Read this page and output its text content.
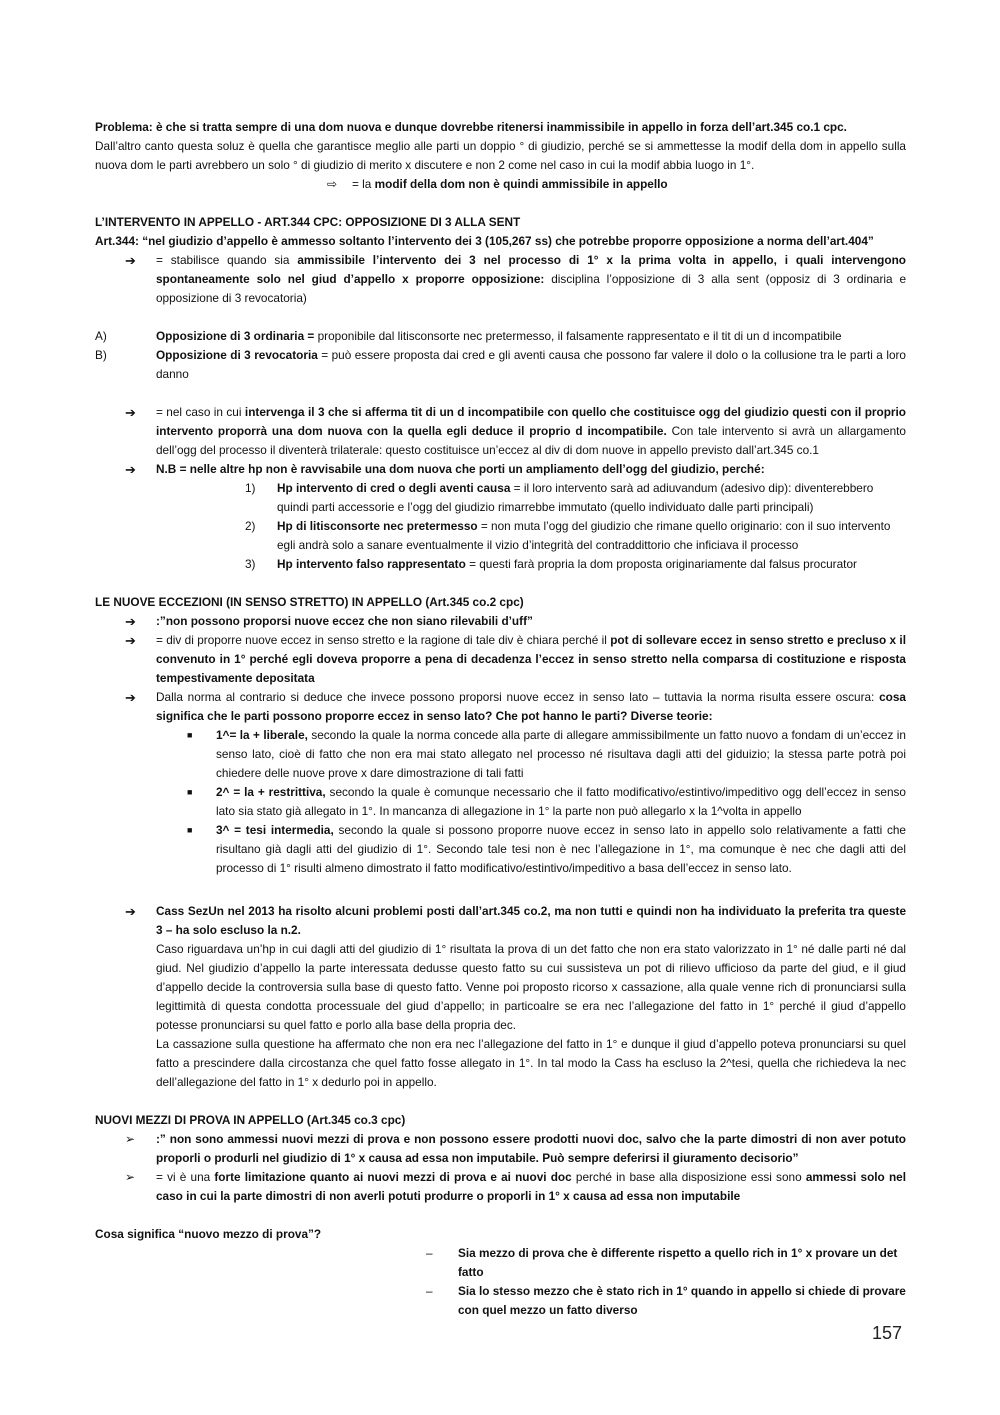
Problema: è che si tratta sempre di una dom nuova e dunque dovrebbe ritenersi inammissibile in appello in forza dell’art.345 co.1 cpc.

Dall’altro canto questa soluz è quella che garantisce meglio alle parti un doppio ° di giudizio, perché se si ammettesse la modif della dom in appello sulla nuova dom le parti avrebbero un solo ° di giudizio di merito x discutere e non 2 come nel caso in cui la modif abbia luogo in 1°.

⇨ = la modif della dom non è quindi ammissibile in appello

L’INTERVENTO IN APPELLO - ART.344 CPC: OPPOSIZIONE DI 3 ALLA SENT

Art.344: “nel giudizio d’appello è ammesso soltanto l’intervento dei 3 (105,267 ss) che potrebbe proporre opposizione a norma dell’art.404”

➔	= stabilisce quando sia ammissibile l’intervento dei 3 nel processo di 1° x la prima volta in appello, i quali intervengono spontaneamente solo nel giud d’appello x proporre opposizione: disciplina l’opposizione di 3 alla sent (opposiz di 3 ordinaria e opposizione di 3 revocatoria)

A)	Opposizione di 3 ordinaria = proponibile dal litisconsorte nec pretermesso, il falsamente rappresentato e il tit di un d incompatibile

B)	Opposizione di 3 revocatoria = può essere proposta dai cred e gli aventi causa che possono far valere il dolo o la collusione tra le parti a loro danno

➔	= nel caso in cui intervenga il 3 che si afferma tit di un d incompatibile con quello che costituisce ogg del giudizio questi con il proprio intervento proporrà una dom nuova con la quella egli deduce il proprio d incompatibile. Con tale intervento si avrà un allargamento dell’ogg del processo il diventerà trilaterale: questo costituisce un’eccez al div di dom nuove in appello previsto dall’art.345 co.1

➔	N.B = nelle altre hp non è ravvisabile una dom nuova che porti un ampliamento dell’ogg del giudizio, perché:

1)	Hp intervento di cred o degli aventi causa = il loro intervento sarà ad adiuvandum (adesivo dip): diventerebbero quindi parti accessorie e l’ogg del giudizio rimarrebbe immutato (quello individuato dalle parti principali)

2)	Hp di litisconsorte nec pretermesso = non muta l’ogg del giudizio che rimane quello originario: con il suo intervento egli andrà solo a sanare eventualmente il vizio d’integrità del contraddittorio che inficiava il processo

3)	Hp intervento falso rappresentato = questi farà propria la dom proposta originariamente dal falsus procurator

LE NUOVE ECCEZIONI (IN SENSO STRETTO) IN APPELLO (Art.345 co.2 cpc)

➔	:”non possono proporsi nuove eccez che non siano rilevabili d’uff”

➔	= div di proporre nuove eccez in senso stretto e la ragione di tale div è chiara perché il pot di sollevare eccez in senso stretto e precluso x il convenuto in 1° perché egli doveva proporre a pena di decadenza l’eccez in senso stretto nella comparsa di costituzione e risposta tempestivamente depositata

➔	Dalla norma al contrario si deduce che invece possono proporsi nuove eccez in senso lato – tuttavia la norma risulta essere oscura: cosa significa che le parti possono proporre eccez in senso lato? Che pot hanno le parti? Diverse teorie:

■	1^= la + liberale, secondo la quale la norma concede alla parte di allegare ammissibilmente un fatto nuovo a fondam di un’eccez in senso lato, cioè di fatto che non era mai stato allegato nel processo né risultava dagli atti del giduizio; la stessa parte potrà poi chiedere delle nuove prove x dare dimostrazione di tali fatti

■	2^ = la + restrittiva, secondo la quale è comunque necessario che il fatto modificativo/estintivo/impeditivo ogg dell’eccez in senso lato sia stato già allegato in 1°. In mancanza di allegazione in 1° la parte non può allegarlo x la 1^volta in appello

■	3^ = tesi intermedia, secondo la quale si possono proporre nuove eccez in senso lato in appello solo relativamente a fatti che risultano già dagli atti del giudizio di 1°. Secondo tale tesi non è nec l’allegazione in 1°, ma comunque è nec che dagli atti del processo di 1° risulti almeno dimostrato il fatto modificativo/estintivo/impeditivo a basa dell’eccez in senso lato.

➔	Cass SezUn nel 2013 ha risolto alcuni problemi posti dall’art.345 co.2, ma non tutti e quindi non ha individuato la preferita tra queste 3 – ha solo escluso la n.2.

Caso riguardava un’hp in cui dagli atti del giudizio di 1° risultata la prova di un det fatto che non era stato valorizzato in 1° né dalle parti né dal giud. Nel giudizio d’appello la parte interessata dedusse questo fatto su cui sussisteva un pot di rilievo ufficioso da parte del giud, e il giud d’appello decide la controversia sulla base di questo fatto. Venne poi proposto ricorso x cassazione, alla quale venne rich di pronunciarsi sulla legittimità di questa condotta processuale del giud d’appello; in particoalre se era nec l’allegazione del fatto in 1° perché il giud d’appello potesse pronunciarsi su quel fatto e porlo alla base della propria dec.

La cassazione sulla questione ha affermato che non era nec l’allegazione del fatto in 1° e dunque il giud d’appello poteva pronunciarsi su quel fatto a prescindere dalla circostanza che quel fatto fosse allegato in 1°. In tal modo la Cass ha escluso la 2^tesi, quella che richiedeva la nec dell’allegazione del fatto in 1° x dedurlo poi in appello.

NUOVI MEZZI DI PROVA IN APPELLO (Art.345 co.3 cpc)

➢	:” non sono ammessi nuovi mezzi di prova e non possono essere prodotti nuovi doc, salvo che la parte dimostri di non aver potuto proporli o produrli nel giudizio di 1° x causa ad essa non imputabile. Può sempre deferirsi il giuramento decisorio”

➢	= vi è una forte limitazione quanto ai nuovi mezzi di prova e ai nuovi doc perché in base alla disposizione essi sono ammessi solo nel caso in cui la parte dimostri di non averli potuti produrre o proporli in 1° x causa ad essa non imputabile

Cosa significa “nuovo mezzo di prova”?

–	Sia mezzo di prova che è differente rispetto a quello rich in 1° x provare un det fatto

–	Sia lo stesso mezzo che è stato rich in 1° quando in appello si chiede di provare con quel mezzo un fatto diverso

157
